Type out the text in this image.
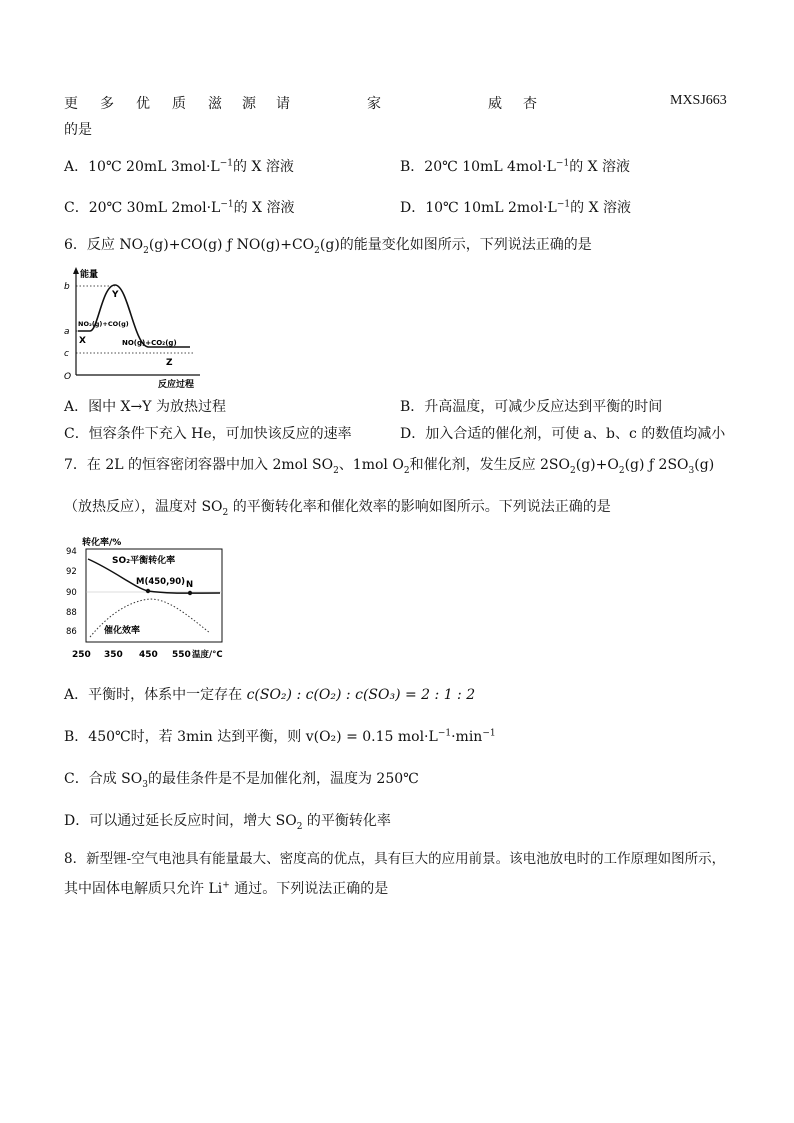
更 多 优 质 滋 源 请	家	威 杏	MXSJ663
的是
A．10℃ 20mL $3mol\cdot L^{-1}$的 X 溶液	B．20℃ 10mL $4mol\cdot L^{-1}$的 X 溶液
C．20℃ 30mL $2mol\cdot L^{-1}$的 X 溶液	D．10℃ 10mL $2mol\cdot L^{-1}$的 X 溶液
6．反应 $NO_2(g)+CO(g)$ ƒ $NO(g)+CO_2(g)$的能量变化如图所示，下列说法正确的是
能量
b
a
c
O
Y
X
Z
NO₂(g)+CO(g)
NO(g)+CO₂(g)
反应过程
A．图中 X→Y 为放热过程	B．升高温度，可减少反应达到平衡的时间
C．恒容条件下充入 He，可加快该反应的速率	D．加入合适的催化剂，可使 a、b、c 的数值均减小
7．在 2L 的恒容密闭容器中加入 2mol $SO_2$、1mol $O_2$和催化剂，发生反应 $2SO_2(g)+O_2(g)$ ƒ $2SO_3(g)$
（放热反应），温度对 $SO_2$ 的平衡转化率和催化效率的影响如图所示。下列说法正确的是
转化率/%
94
92
90
88
86
250 350 450 550 温度/°C
SO₂平衡转化率
催化效率
M(450,90) N
A．平衡时，体系中一定存在 c(SO₂) : c(O₂) : c(SO₃) = 2 : 1 : 2
B．450℃时，若 3min 达到平衡，则 v(O₂) = 0.15 $mol\cdot L^{-1}\cdot\min^{-1}$
C．合成 $SO_3$的最佳条件是不是加催化剂，温度为 250℃
D．可以通过延长反应时间，增大 $SO_2$ 的平衡转化率
8．新型锂-空气电池具有能量最大、密度高的优点，具有巨大的应用前景。该电池放电时的工作原理如图所示，
其中固体电解质只允许 Li+ 通过。下列说法正确的是
